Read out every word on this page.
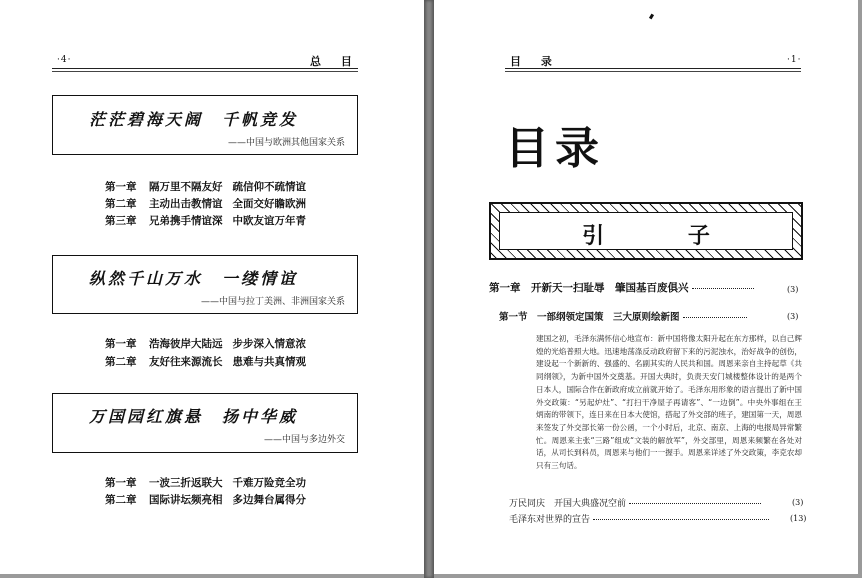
·4·	总 目
茫茫碧海天阔　千帆竞发
——中国与欧洲其他国家关系
第一章 隔万里不隔友好 疏信仰不疏情谊
第二章 主动出击教情谊 全面交好瞻欧洲
第三章 兄弟携手情谊深 中欧友谊万年青
纵然千山万水　一缕情谊
——中国与拉丁美洲、非洲国家关系
第一章 浩海彼岸大陆远 步步深入情意浓
第二章 友好往来源流长 患难与共真情观
万国园红旗悬　扬中华威
——中国与多边外交
第一章 一波三折返联大 千难万险竞全功
第二章 国际讲坛频亮相 多边舞台属得分
目 录	·1·
目录
引 子
第一章　开新天一扫耻辱　肇国基百废俱兴	(3)
第一节　一部纲领定国策　三大原则绘新图	(3)
建国之初，毛泽东满怀信心地宣布：新中国将像太阳升起在东方那样，以自己辉煌的光焰普照大地。迅速地荡涤反动政府留下来的污泥浊水，治好战争的创伤，建设起一个新新的、强盛的、名副其实的人民共和国。周恩来亲自主持起草《共同纲领》，为新中国外交奠基。开国大典时，负责天安门城楼整体设计的是两个日本人，国际合作在新政府成立前就开始了。毛泽东用形象的语言提出了新中国外交政策：“另起炉灶”、“打扫干净屋子再请客”、“一边倒”。中央外事组在王炳南的带领下，连日来在日本大使馆，搭起了外交部的班子，建国第一天，周恩来签发了外交部长第一份公函，一个小时后，北京、南京、上海的电报局异常繁忙。周恩来主张“三路”组成“文装的解放军”，外交部里，周恩来频繁在各处对话，从司长到科员，周恩来与他们一一握手。周恩来详述了外交政策，李克农却只有三句话。
万民同庆　开国大典盛况空前	(3)
毛泽东对世界的宣告	(13)
